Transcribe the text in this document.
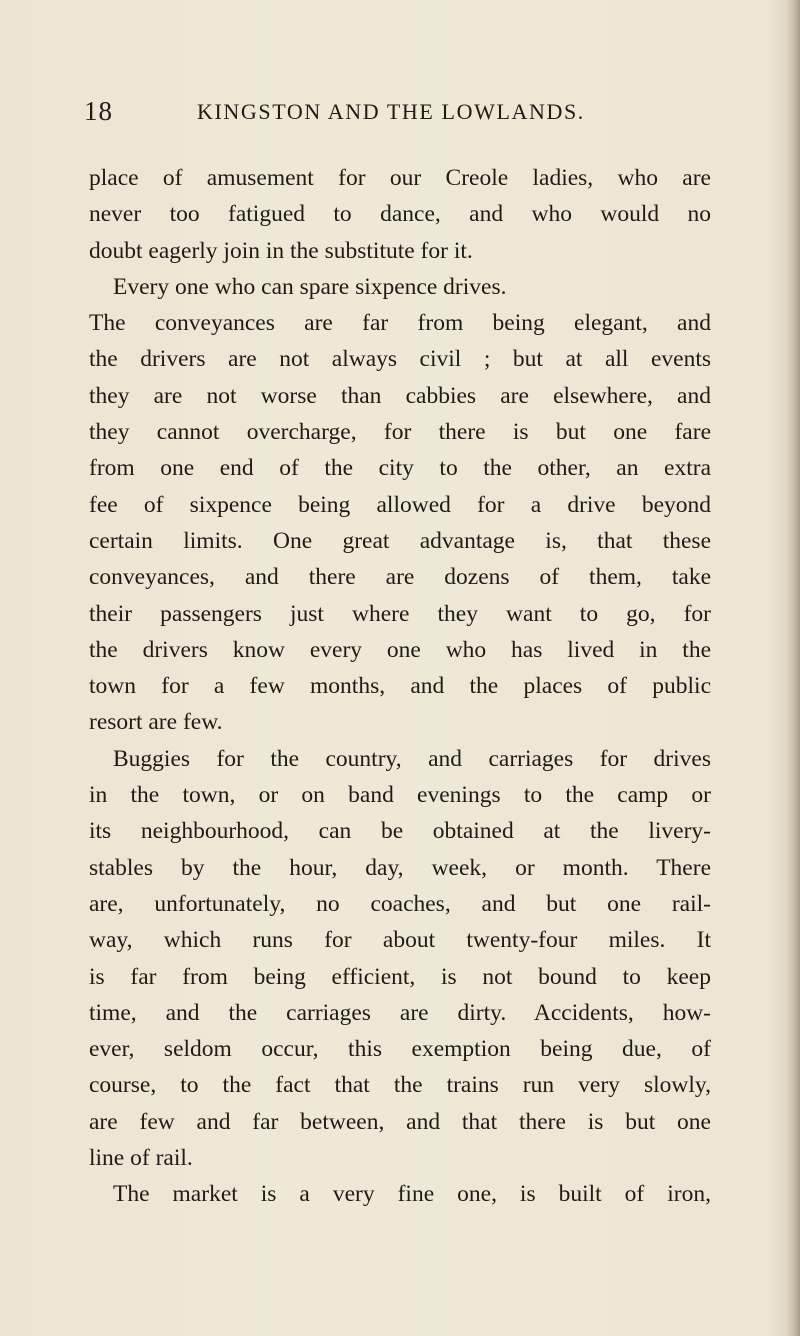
18	KINGSTON AND THE LOWLANDS.
place of amusement for our Creole ladies, who are
never too fatigued to dance, and who would no
doubt eagerly join in the substitute for it.
Every one who can spare sixpence drives.
The conveyances are far from being elegant, and
the drivers are not always civil ; but at all events
they are not worse than cabbies are elsewhere, and
they cannot overcharge, for there is but one fare
from one end of the city to the other, an extra
fee of sixpence being allowed for a drive beyond
certain limits. One great advantage is, that these
conveyances, and there are dozens of them, take
their passengers just where they want to go, for
the drivers know every one who has lived in the
town for a few months, and the places of public
resort are few.
Buggies for the country, and carriages for drives
in the town, or on band evenings to the camp or
its neighbourhood, can be obtained at the livery-
stables by the hour, day, week, or month. There
are, unfortunately, no coaches, and but one rail-
way, which runs for about twenty-four miles. It
is far from being efficient, is not bound to keep
time, and the carriages are dirty. Accidents, how-
ever, seldom occur, this exemption being due, of
course, to the fact that the trains run very slowly,
are few and far between, and that there is but one
line of rail.
The market is a very fine one, is built of iron,
